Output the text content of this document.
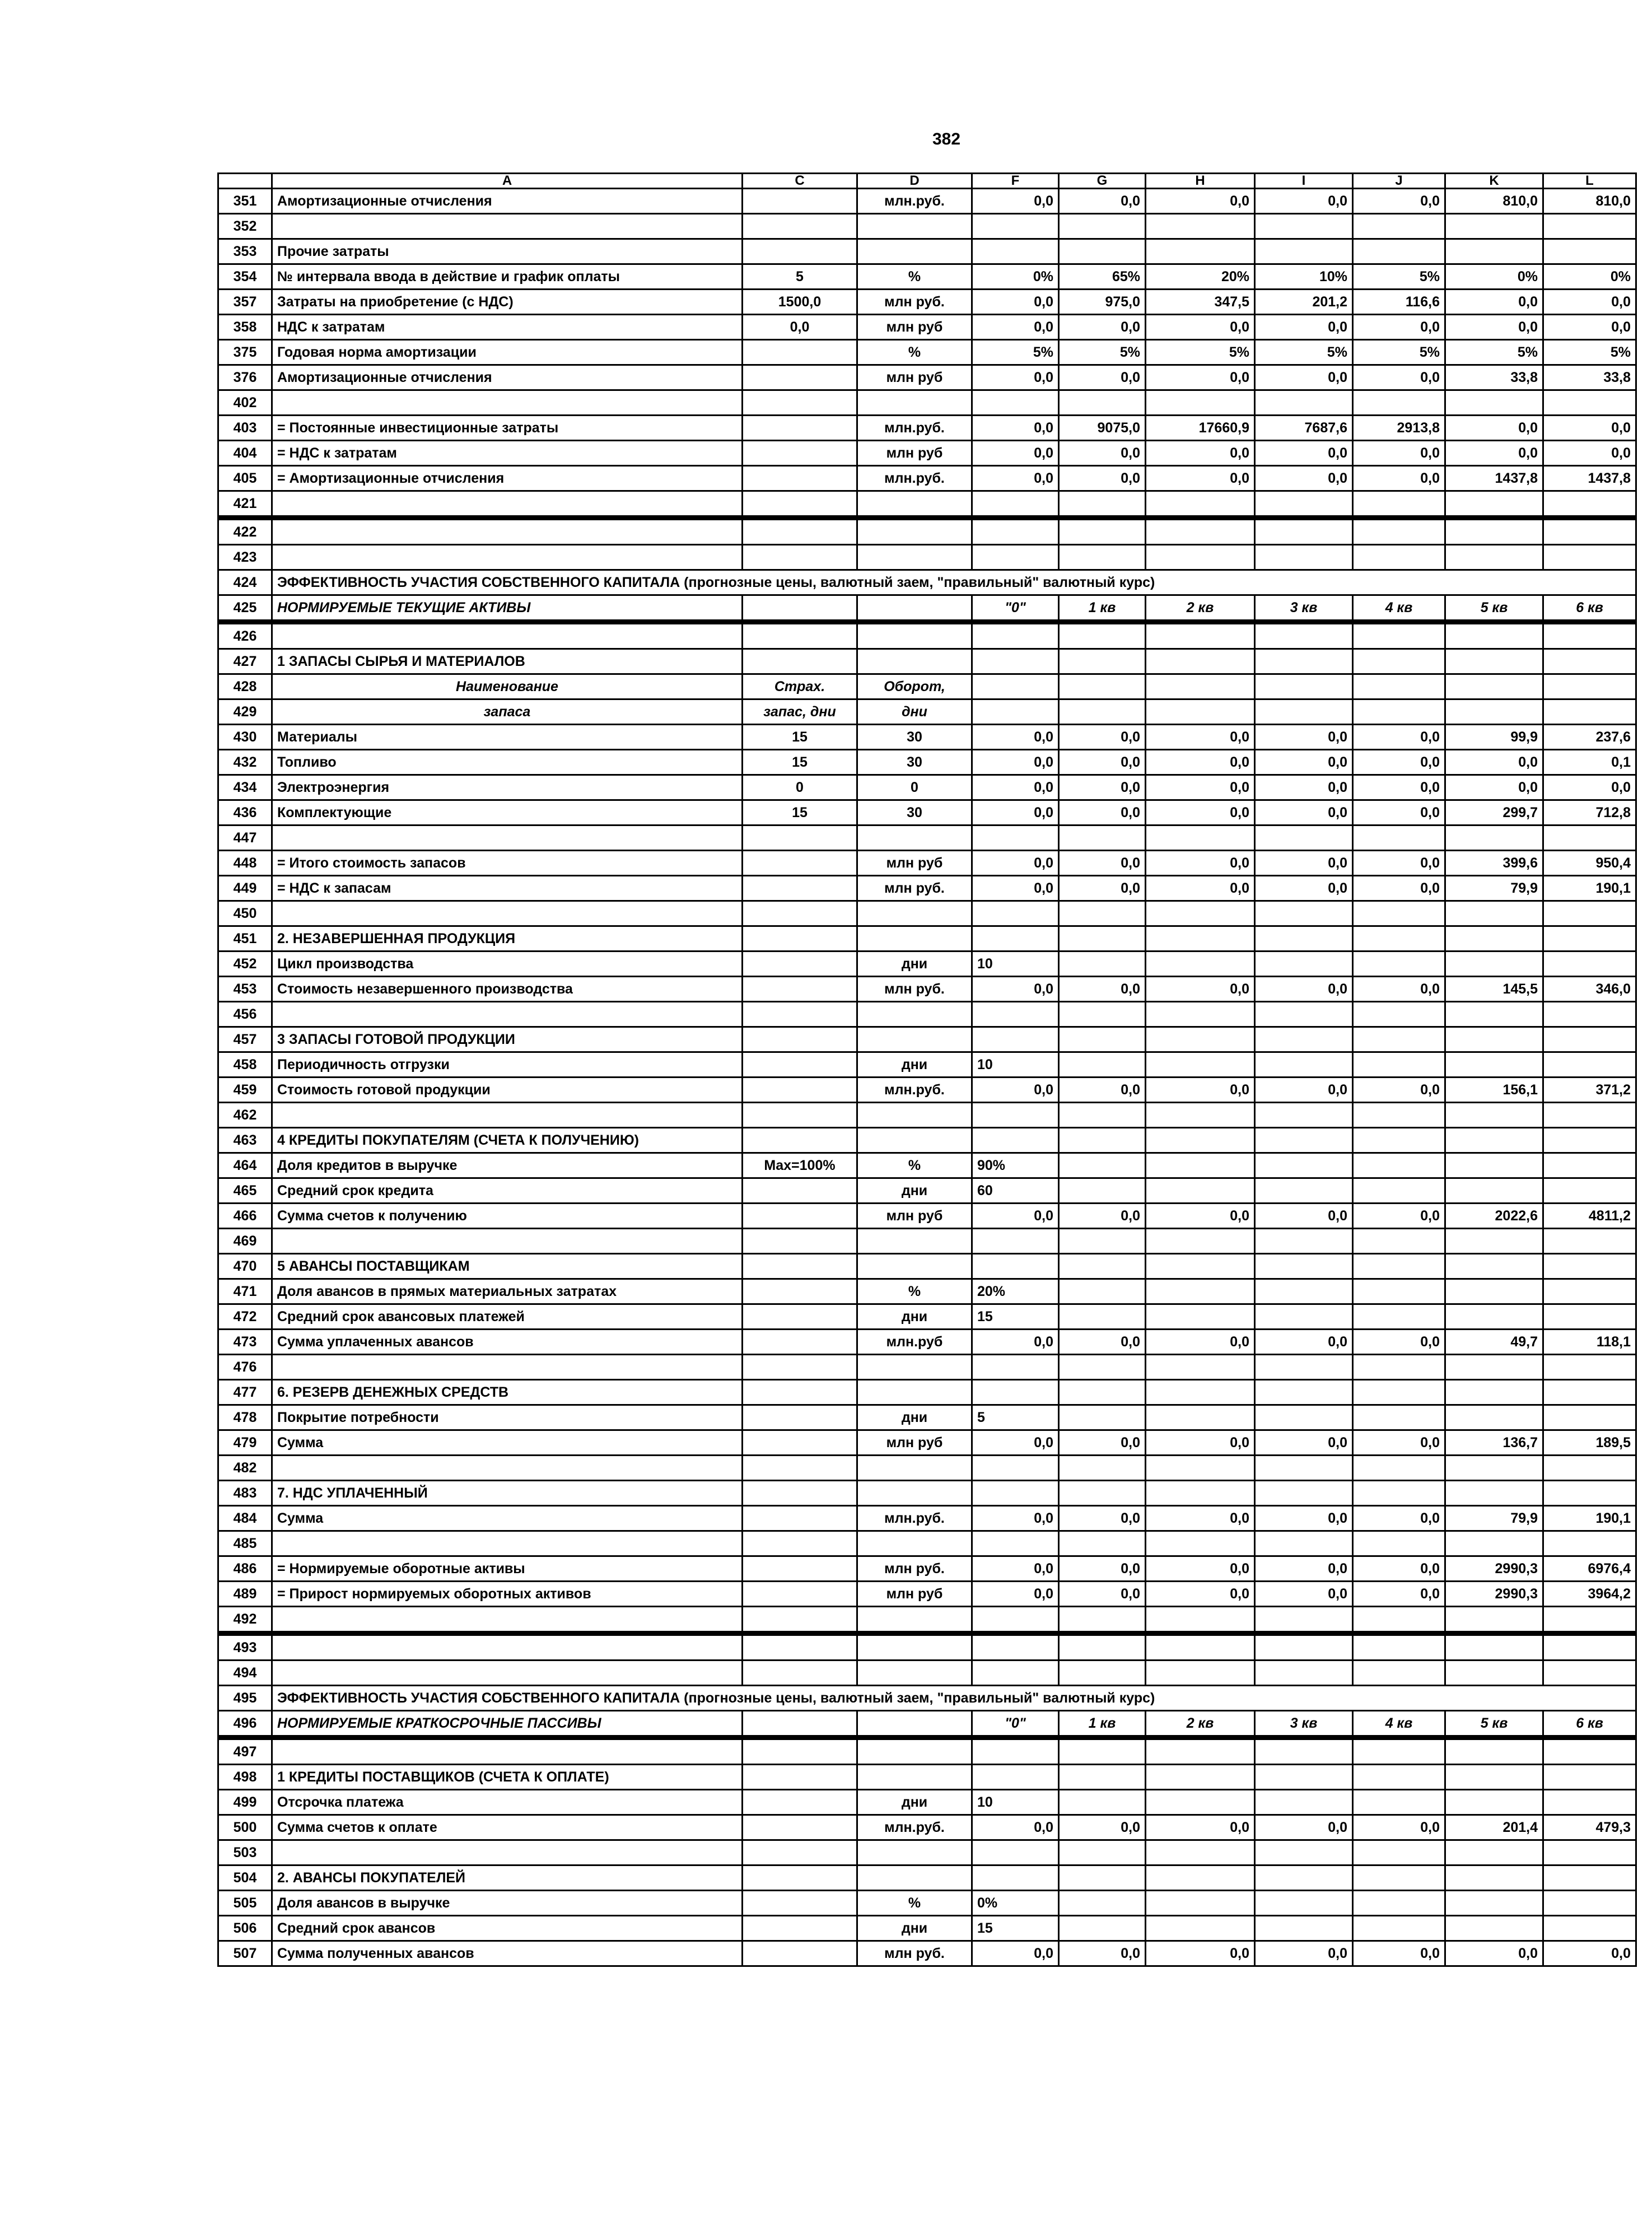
382
	A	C	D	F	G	H	I	J	K	L
351	Амортизационные отчисления		млн.руб.	0,0	0,0	0,0	0,0	0,0	810,0	810,0
352										
353	Прочие затраты									
354	№ интервала ввода в действие и график оплаты	5	%	0%	65%	20%	10%	5%	0%	0%
357	Затраты на приобретение (с НДС)	1500,0	млн руб.	0,0	975,0	347,5	201,2	116,6	0,0	0,0
358	НДС к затратам	0,0	млн руб	0,0	0,0	0,0	0,0	0,0	0,0	0,0
375	Годовая норма амортизации		%	5%	5%	5%	5%	5%	5%	5%
376	Амортизационные отчисления		млн руб	0,0	0,0	0,0	0,0	0,0	33,8	33,8
402										
403	= Постоянные инвестиционные затраты		млн.руб.	0,0	9075,0	17660,9	7687,6	2913,8	0,0	0,0
404	= НДС к затратам		млн руб	0,0	0,0	0,0	0,0	0,0	0,0	0,0
405	= Амортизационные отчисления		млн.руб.	0,0	0,0	0,0	0,0	0,0	1437,8	1437,8
421										
422										
423										
424	ЭФФЕКТИВНОСТЬ УЧАСТИЯ СОБСТВЕННОГО КАПИТАЛА (прогнозные цены, валютный заем, "правильный" валютный курс)									
425	НОРМИРУЕМЫЕ ТЕКУЩИЕ АКТИВЫ			"0"	1 кв	2 кв	3 кв	4 кв	5 кв	6 кв
426										
427	1 ЗАПАСЫ СЫРЬЯ И МАТЕРИАЛОВ									
428	Наименование	Страх.	Оборот,							
429	запаса	запас, дни	дни							
430	Материалы	15	30	0,0	0,0	0,0	0,0	0,0	99,9	237,6
432	Топливо	15	30	0,0	0,0	0,0	0,0	0,0	0,0	0,1
434	Электроэнергия	0	0	0,0	0,0	0,0	0,0	0,0	0,0	0,0
436	Комплектующие	15	30	0,0	0,0	0,0	0,0	0,0	299,7	712,8
447										
448	= Итого стоимость запасов		млн руб	0,0	0,0	0,0	0,0	0,0	399,6	950,4
449	= НДС к запасам		млн руб.	0,0	0,0	0,0	0,0	0,0	79,9	190,1
450										
451	2. НЕЗАВЕРШЕННАЯ ПРОДУКЦИЯ									
452	Цикл производства		дни	10						
453	Стоимость незавершенного производства		млн руб.	0,0	0,0	0,0	0,0	0,0	145,5	346,0
456										
457	3 ЗАПАСЫ ГОТОВОЙ ПРОДУКЦИИ									
458	Периодичность отгрузки		дни	10						
459	Стоимость готовой продукции		млн.руб.	0,0	0,0	0,0	0,0	0,0	156,1	371,2
462										
463	4 КРЕДИТЫ ПОКУПАТЕЛЯМ (СЧЕТА К ПОЛУЧЕНИЮ)									
464	Доля кредитов в выручке	Max=100%	%	90%						
465	Средний срок кредита		дни	60						
466	Сумма счетов к получению		млн руб	0,0	0,0	0,0	0,0	0,0	2022,6	4811,2
469										
470	5 АВАНСЫ ПОСТАВЩИКАМ									
471	Доля авансов в прямых материальных затратах		%	20%						
472	Средний срок авансовых платежей		дни	15						
473	Сумма уплаченных авансов		млн.руб	0,0	0,0	0,0	0,0	0,0	49,7	118,1
476										
477	6. РЕЗЕРВ ДЕНЕЖНЫХ СРЕДСТВ									
478	Покрытие потребности		дни	5						
479	Сумма		млн руб	0,0	0,0	0,0	0,0	0,0	136,7	189,5
482										
483	7. НДС УПЛАЧЕННЫЙ									
484	Сумма		млн.руб.	0,0	0,0	0,0	0,0	0,0	79,9	190,1
485										
486	= Нормируемые оборотные активы		млн руб.	0,0	0,0	0,0	0,0	0,0	2990,3	6976,4
489	= Прирост нормируемых оборотных активов		млн руб	0,0	0,0	0,0	0,0	0,0	2990,3	3964,2
492										
493										
494										
495	ЭФФЕКТИВНОСТЬ УЧАСТИЯ СОБСТВЕННОГО КАПИТАЛА (прогнозные цены, валютный заем, "правильный" валютный курс)									
496	НОРМИРУЕМЫЕ КРАТКОСРОЧНЫЕ ПАССИВЫ			"0"	1 кв	2 кв	3 кв	4 кв	5 кв	6 кв
497										
498	1 КРЕДИТЫ ПОСТАВЩИКОВ (СЧЕТА К ОПЛАТЕ)									
499	Отсрочка платежа		дни	10						
500	Сумма счетов к оплате		млн.руб.	0,0	0,0	0,0	0,0	0,0	201,4	479,3
503										
504	2. АВАНСЫ ПОКУПАТЕЛЕЙ									
505	Доля авансов в выручке		%	0%						
506	Средний срок авансов		дни	15						
507	Сумма полученных авансов		млн руб.	0,0	0,0	0,0	0,0	0,0	0,0	0,0
